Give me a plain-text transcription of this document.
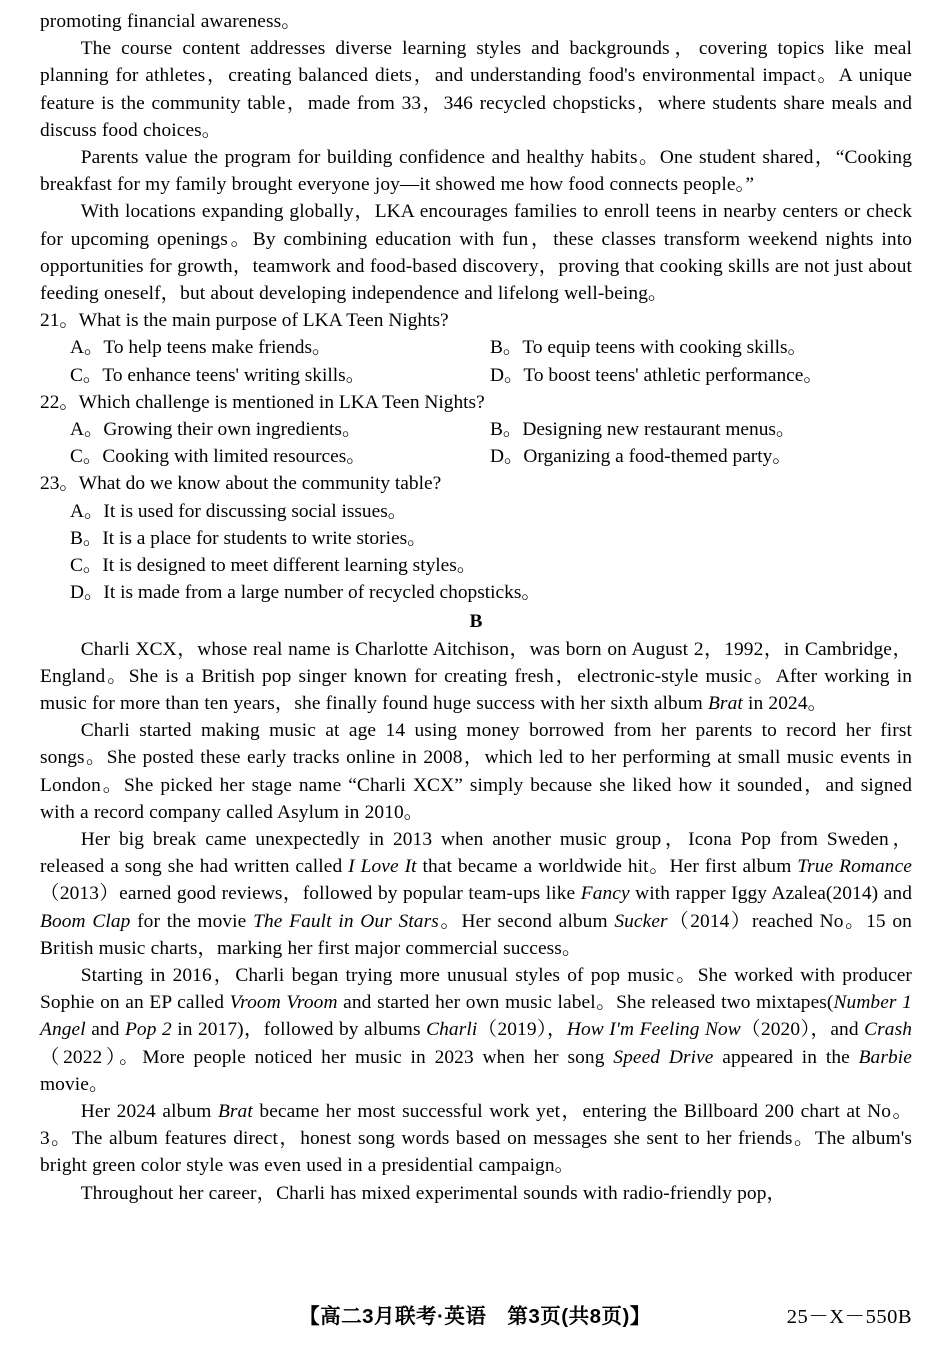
promoting financial awareness。

The course content addresses diverse learning styles and backgrounds，covering topics like meal planning for athletes，creating balanced diets，and understanding food's environmental impact。A unique feature is the community table，made from 33，346 recycled chopsticks，where students share meals and discuss food choices。

Parents value the program for building confidence and healthy habits。One student shared，“Cooking breakfast for my family brought everyone joy—it showed me how food connects people。”

With locations expanding globally，LKA encourages families to enroll teens in nearby centers or check for upcoming openings。By combining education with fun，these classes transform weekend nights into opportunities for growth，teamwork and food-based discovery，proving that cooking skills are not just about feeding oneself，but about developing independence and lifelong well-being。

21。What is the main purpose of LKA Teen Nights?

A。To help teens make friends。	B。To equip teens with cooking skills。
C。To enhance teens' writing skills。	D。To boost teens' athletic performance。

22。Which challenge is mentioned in LKA Teen Nights?

A。Growing their own ingredients。	B。Designing new restaurant menus。
C。Cooking with limited resources。	D。Organizing a food-themed party。

23。What do we know about the community table?

A。It is used for discussing social issues。

B。It is a place for students to write stories。

C。It is designed to meet different learning styles。

D。It is made from a large number of recycled chopsticks。

B

Charli XCX，whose real name is Charlotte Aitchison，was born on August 2，1992，in Cambridge，England。She is a British pop singer known for creating fresh，electronic-style music。After working in music for more than ten years，she finally found huge success with her sixth album Brat in 2024。

Charli started making music at age 14 using money borrowed from her parents to record her first songs。She posted these early tracks online in 2008，which led to her performing at small music events in London。She picked her stage name “Charli XCX” simply because she liked how it sounded，and signed with a record company called Asylum in 2010。

Her big break came unexpectedly in 2013 when another music group，Icona Pop from Sweden，released a song she had written called I Love It that became a worldwide hit。Her first album True Romance（2013）earned good reviews，followed by popular team-ups like Fancy with rapper Iggy Azalea(2014) and Boom Clap for the movie The Fault in Our Stars。Her second album Sucker（2014）reached No。15 on British music charts，marking her first major commercial success。

Starting in 2016，Charli began trying more unusual styles of pop music。She worked with producer Sophie on an EP called Vroom Vroom and started her own music label。She released two mixtapes(Number 1 Angel and Pop 2 in 2017)，followed by albums Charli（2019），How I'm Feeling Now（2020），and Crash（2022）。More people noticed her music in 2023 when her song Speed Drive appeared in the Barbie movie。

Her 2024 album Brat became her most successful work yet，entering the Billboard 200 chart at No。3。The album features direct，honest song words based on messages she sent to her friends。The album's bright green color style was even used in a presidential campaign。

Throughout her career，Charli has mixed experimental sounds with radio-friendly pop，

【高二3月联考·英语　第3页(共8页)】	25－X－550B
